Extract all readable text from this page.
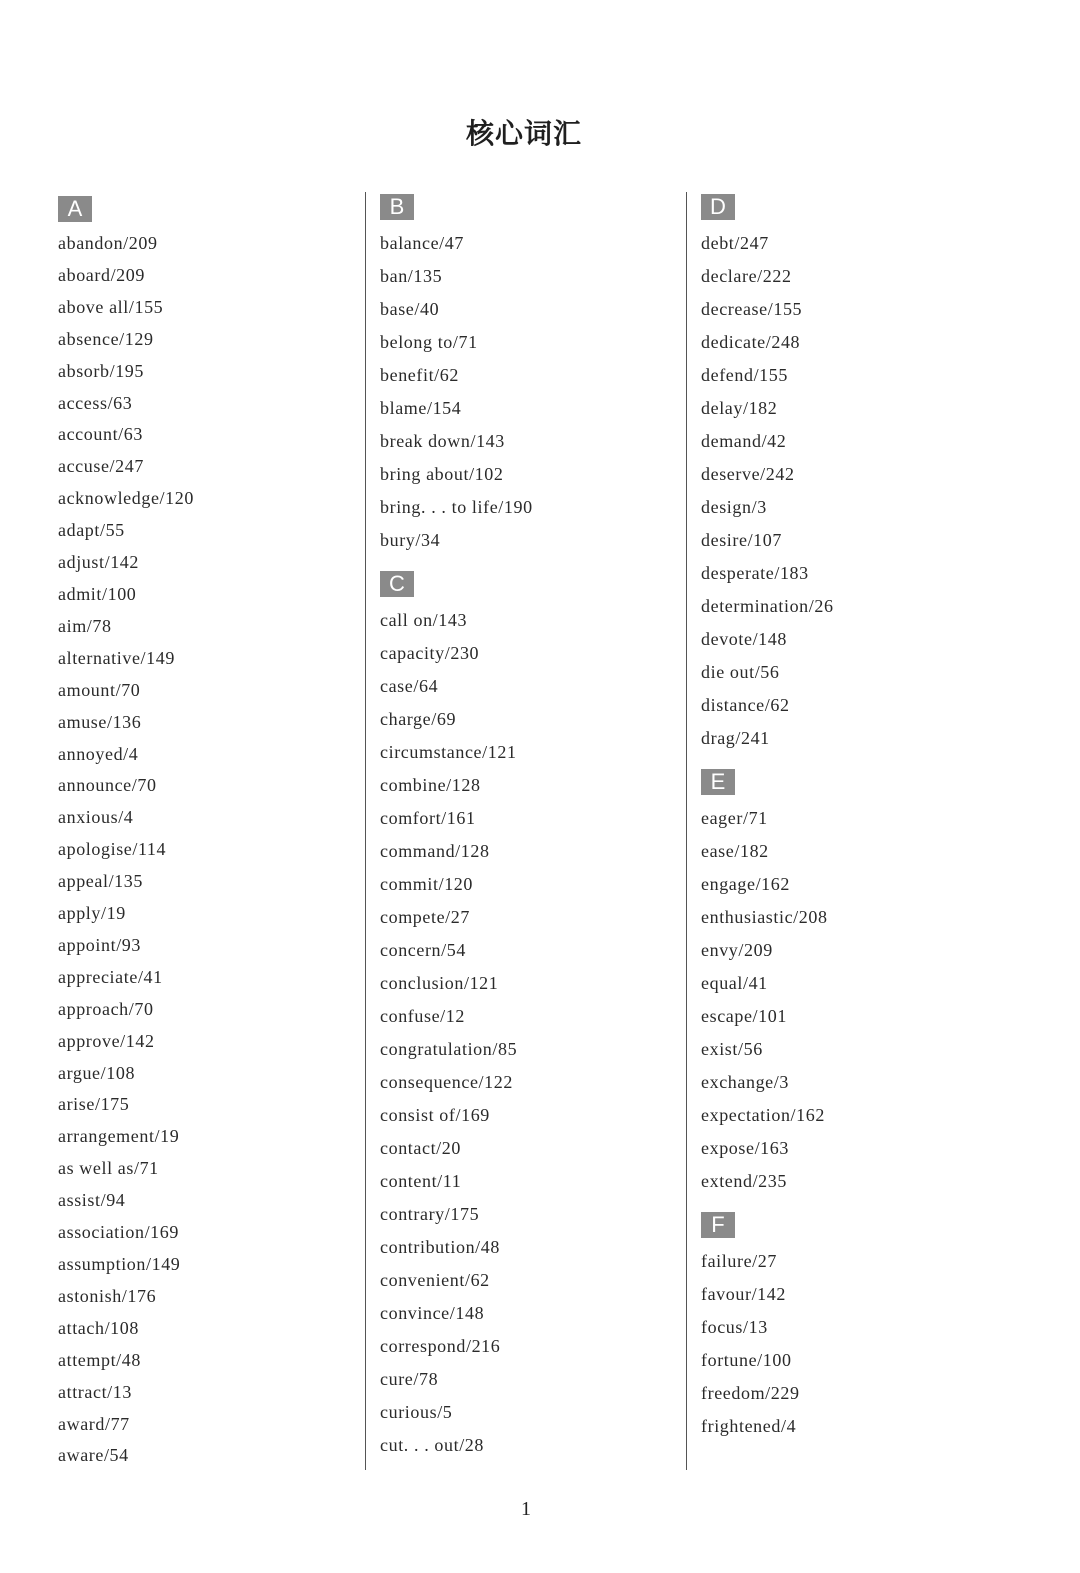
核心词汇
A
abandon/209
aboard/209
above all/155
absence/129
absorb/195
access/63
account/63
accuse/247
acknowledge/120
adapt/55
adjust/142
admit/100
aim/78
alternative/149
amount/70
amuse/136
annoyed/4
announce/70
anxious/4
apologise/114
appeal/135
apply/19
appoint/93
appreciate/41
approach/70
approve/142
argue/108
arise/175
arrangement/19
as well as/71
assist/94
association/169
assumption/149
astonish/176
attach/108
attempt/48
attract/13
award/77
aware/54
B
balance/47
ban/135
base/40
belong to/71
benefit/62
blame/154
break down/143
bring about/102
bring. . . to life/190
bury/34
C
call on/143
capacity/230
case/64
charge/69
circumstance/121
combine/128
comfort/161
command/128
commit/120
compete/27
concern/54
conclusion/121
confuse/12
congratulation/85
consequence/122
consist of/169
contact/20
content/11
contrary/175
contribution/48
convenient/62
convince/148
correspond/216
cure/78
curious/5
cut. . . out/28
D
debt/247
declare/222
decrease/155
dedicate/248
defend/155
delay/182
demand/42
deserve/242
design/3
desire/107
desperate/183
determination/26
devote/148
die out/56
distance/62
drag/241
E
eager/71
ease/182
engage/162
enthusiastic/208
envy/209
equal/41
escape/101
exist/56
exchange/3
expectation/162
expose/163
extend/235
F
failure/27
favour/142
focus/13
fortune/100
freedom/229
frightened/4
1
